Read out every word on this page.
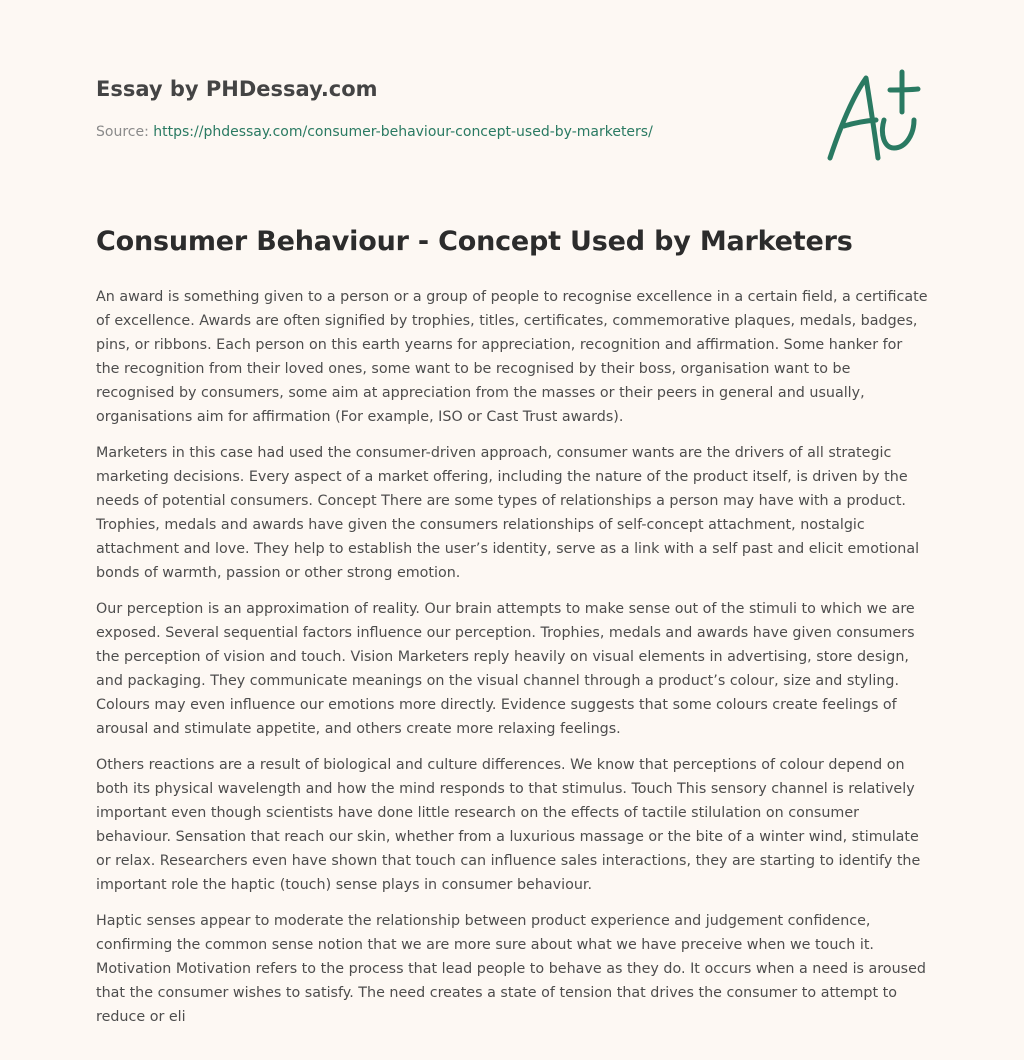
Essay by PHDessay.com

Source: https://phdessay.com/consumer-behaviour-concept-used-by-marketers/

Consumer Behaviour - Concept Used by Marketers

An award is something given to a person or a group of people to recognise excellence in a certain field, a certificate of excellence. Awards are often signified by trophies, titles, certificates, commemorative plaques, medals, badges, pins, or ribbons. Each person on this earth yearns for appreciation, recognition and affirmation. Some hanker for the recognition from their loved ones, some want to be recognised by their boss, organisation want to be recognised by consumers, some aim at appreciation from the masses or their peers in general and usually, organisations aim for affirmation (For example, ISO or Cast Trust awards).

Marketers in this case had used the consumer-driven approach, consumer wants are the drivers of all strategic marketing decisions. Every aspect of a market offering, including the nature of the product itself, is driven by the needs of potential consumers. Concept There are some types of relationships a person may have with a product. Trophies, medals and awards have given the consumers relationships of self-concept attachment, nostalgic attachment and love. They help to establish the user’s identity, serve as a link with a self past and elicit emotional bonds of warmth, passion or other strong emotion.

Our perception is an approximation of reality. Our brain attempts to make sense out of the stimuli to which we are exposed. Several sequential factors influence our perception. Trophies, medals and awards have given consumers the perception of vision and touch. Vision Marketers reply heavily on visual elements in advertising, store design, and packaging. They communicate meanings on the visual channel through a product’s colour, size and styling. Colours may even influence our emotions more directly. Evidence suggests that some colours create feelings of arousal and stimulate appetite, and others create more relaxing feelings.

Others reactions are a result of biological and culture differences. We know that perceptions of colour depend on both its physical wavelength and how the mind responds to that stimulus. Touch This sensory channel is relatively important even though scientists have done little research on the effects of tactile stilulation on consumer behaviour. Sensation that reach our skin, whether from a luxurious massage or the bite of a winter wind, stimulate or relax. Researchers even have shown that touch can influence sales interactions, they are starting to identify the important role the haptic (touch) sense plays in consumer behaviour.

Haptic senses appear to moderate the relationship between product experience and judgement confidence, confirming the common sense notion that we are more sure about what we have preceive when we touch it. Motivation Motivation refers to the process that lead people to behave as they do. It occurs when a need is aroused that the consumer wishes to satisfy. The need creates a state of tension that drives the consumer to attempt to reduce or eli
